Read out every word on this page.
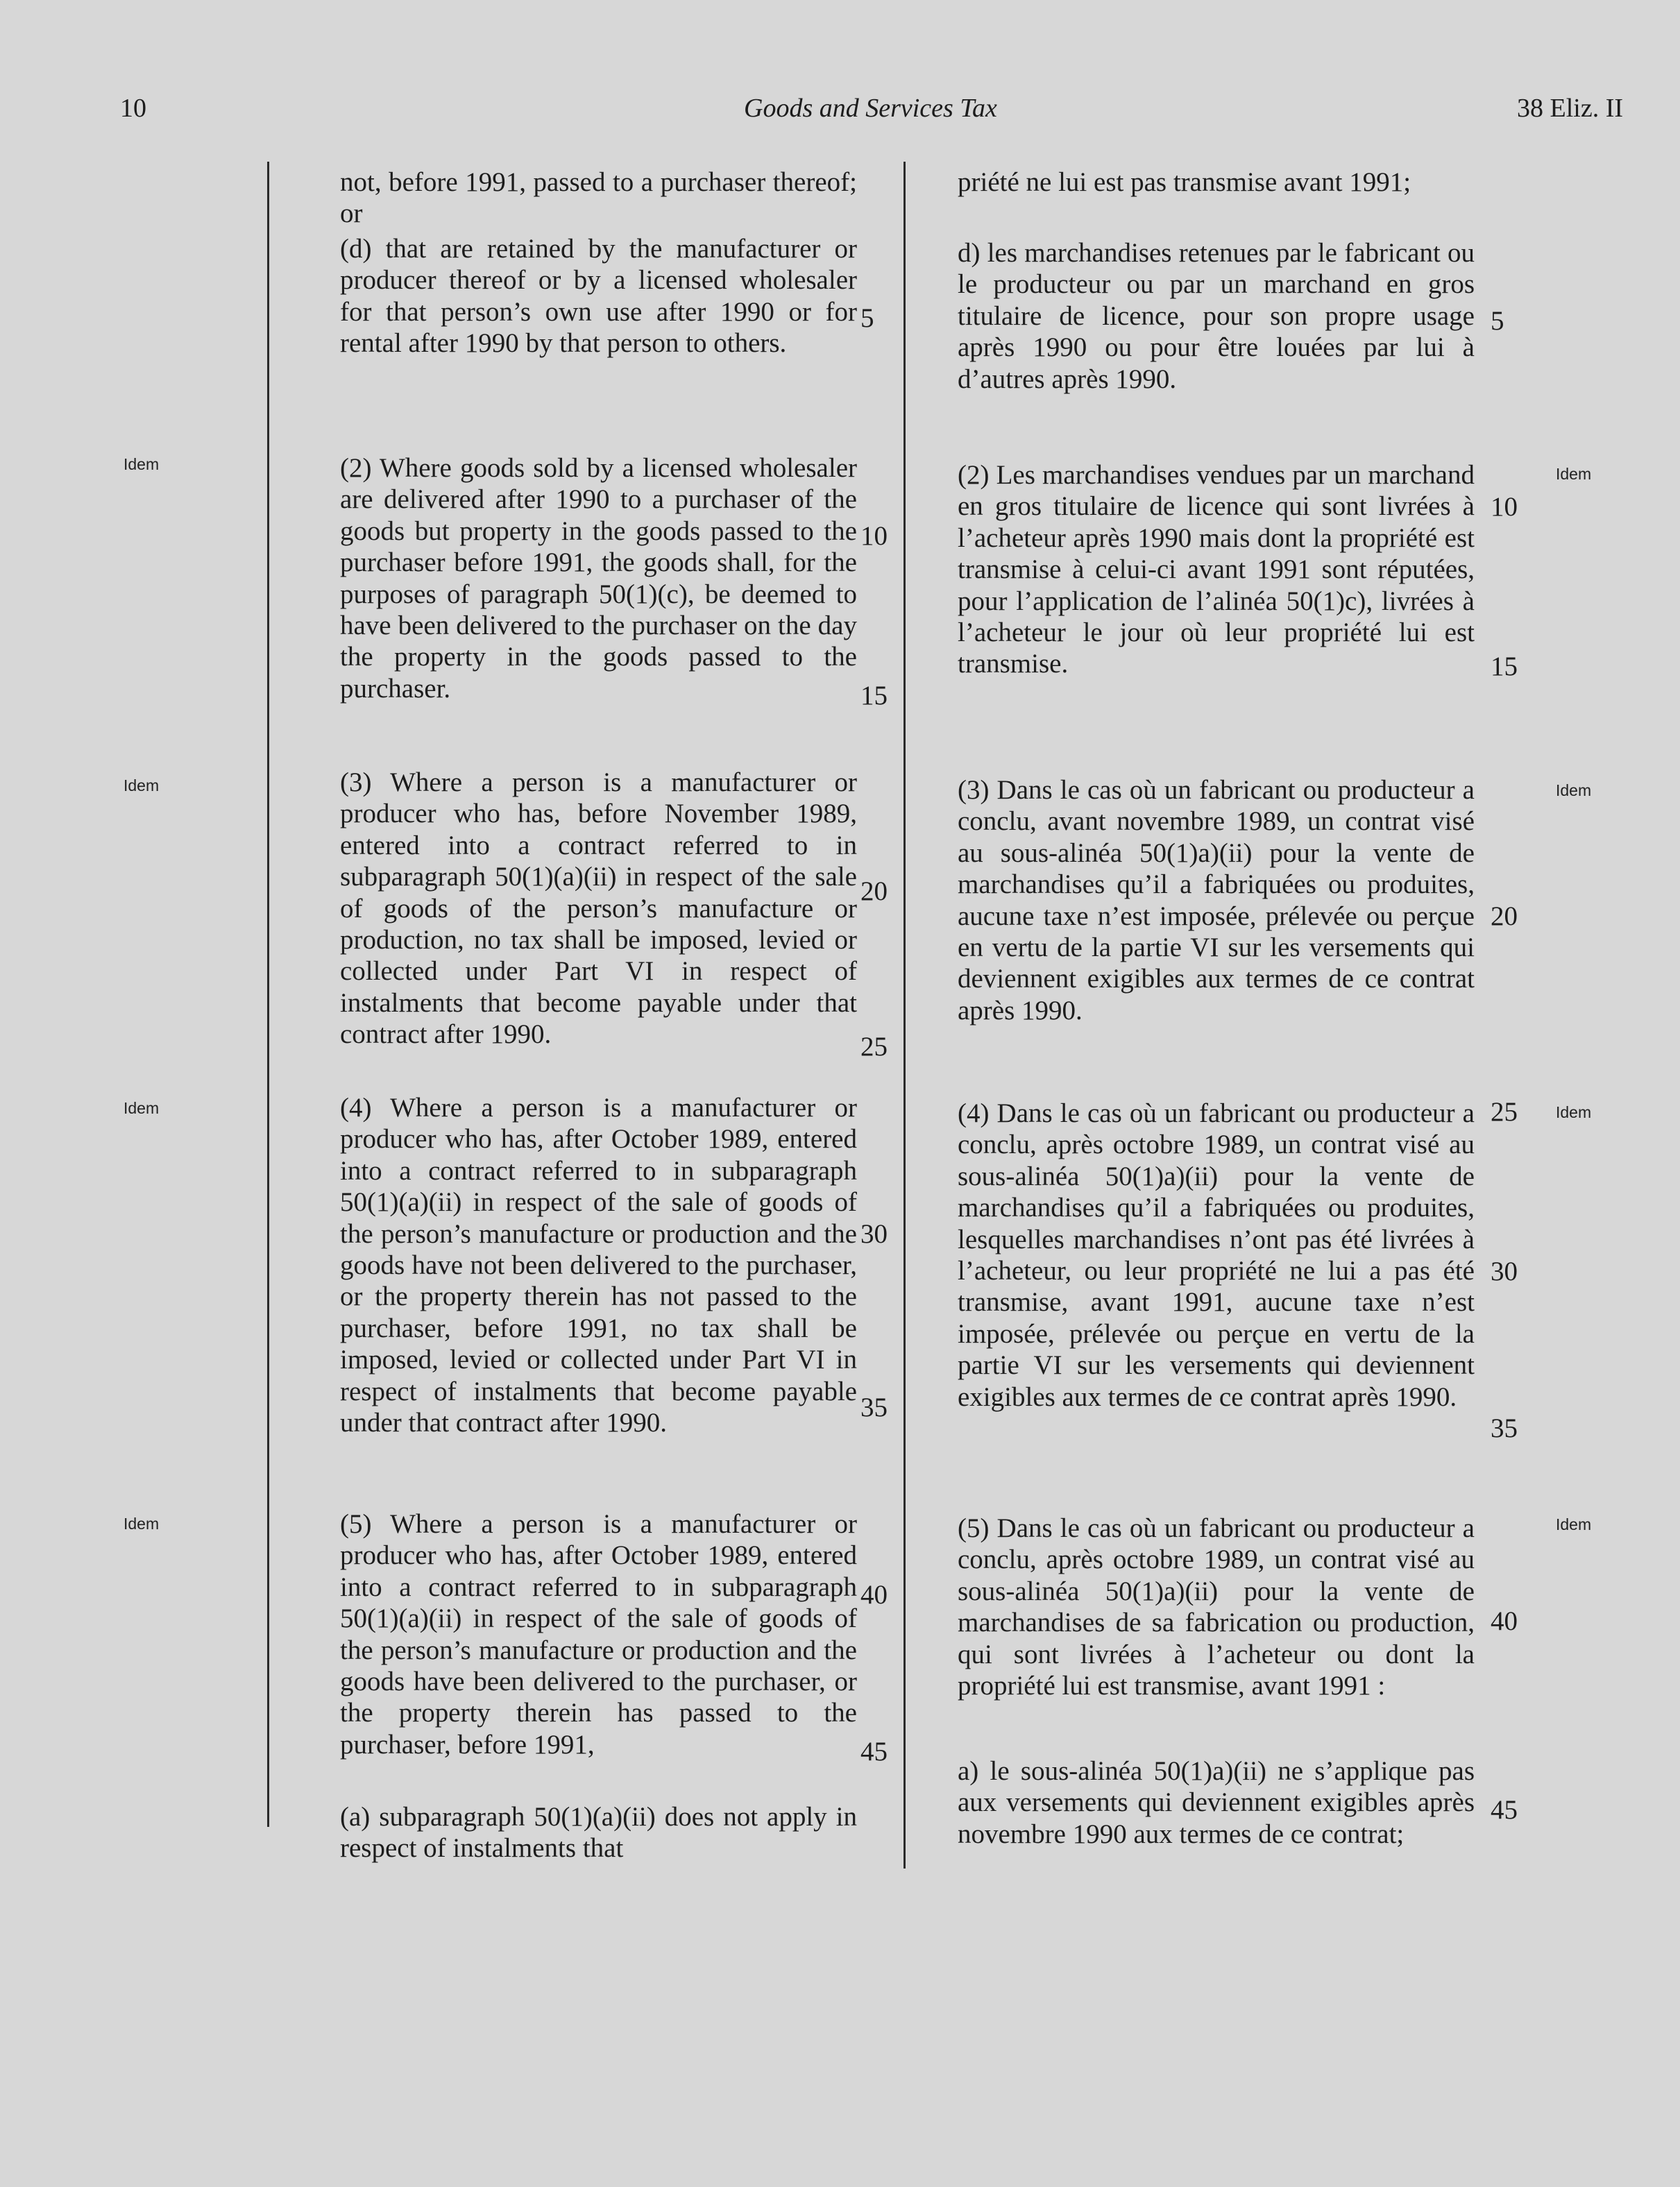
10	Goods and Services Tax	38 Eliz. II

not, before 1991, passed to a purchaser thereof; or

(d) that are retained by the manufacturer or producer thereof or by a licensed wholesaler for that person’s own use after 1990 or for rental after 1990 by that person to others.

(2) Where goods sold by a licensed wholesaler are delivered after 1990 to a purchaser of the goods but property in the goods passed to the purchaser before 1991, the goods shall, for the purposes of paragraph 50(1)(c), be deemed to have been delivered to the purchaser on the day the property in the goods passed to the purchaser.

(3) Where a person is a manufacturer or producer who has, before November 1989, entered into a contract referred to in subparagraph 50(1)(a)(ii) in respect of the sale of goods of the person’s manufacture or production, no tax shall be imposed, levied or collected under Part VI in respect of instalments that become payable under that contract after 1990.

(4) Where a person is a manufacturer or producer who has, after October 1989, entered into a contract referred to in subparagraph 50(1)(a)(ii) in respect of the sale of goods of the person’s manufacture or production and the goods have not been delivered to the purchaser, or the property therein has not passed to the purchaser, before 1991, no tax shall be imposed, levied or collected under Part VI in respect of instalments that become payable under that contract after 1990.

(5) Where a person is a manufacturer or producer who has, after October 1989, entered into a contract referred to in subparagraph 50(1)(a)(ii) in respect of the sale of goods of the person’s manufacture or production and the goods have been delivered to the purchaser, or the property therein has passed to the purchaser, before 1991,

(a) subparagraph 50(1)(a)(ii) does not apply in respect of instalments that

priété ne lui est pas transmise avant 1991;

d) les marchandises retenues par le fabricant ou le producteur ou par un marchand en gros titulaire de licence, pour son propre usage après 1990 ou pour être louées par lui à d’autres après 1990.

(2) Les marchandises vendues par un marchand en gros titulaire de licence qui sont livrées à l’acheteur après 1990 mais dont la propriété est transmise à celui-ci avant 1991 sont réputées, pour l’application de l’alinéa 50(1)c), livrées à l’acheteur le jour où leur propriété lui est transmise.

(3) Dans le cas où un fabricant ou producteur a conclu, avant novembre 1989, un contrat visé au sous-alinéa 50(1)a)(ii) pour la vente de marchandises qu’il a fabriquées ou produites, aucune taxe n’est imposée, prélevée ou perçue en vertu de la partie VI sur les versements qui deviennent exigibles aux termes de ce contrat après 1990.

(4) Dans le cas où un fabricant ou producteur a conclu, après octobre 1989, un contrat visé au sous-alinéa 50(1)a)(ii) pour la vente de marchandises qu’il a fabriquées ou produites, lesquelles marchandises n’ont pas été livrées à l’acheteur, ou leur propriété ne lui a pas été transmise, avant 1991, aucune taxe n’est imposée, prélevée ou perçue en vertu de la partie VI sur les versements qui deviennent exigibles aux termes de ce contrat après 1990.

(5) Dans le cas où un fabricant ou producteur a conclu, après octobre 1989, un contrat visé au sous-alinéa 50(1)a)(ii) pour la vente de marchandises de sa fabrication ou production, qui sont livrées à l’acheteur ou dont la propriété lui est transmise, avant 1991 :

a) le sous-alinéa 50(1)a)(ii) ne s’applique pas aux versements qui deviennent exigibles après novembre 1990 aux termes de ce contrat;

5
10
15
20
25
30
35
40
45
5
10
15
20
25
30
35
40
45
Idem
Idem
Idem
Idem
Idem
Idem
Idem
Idem
